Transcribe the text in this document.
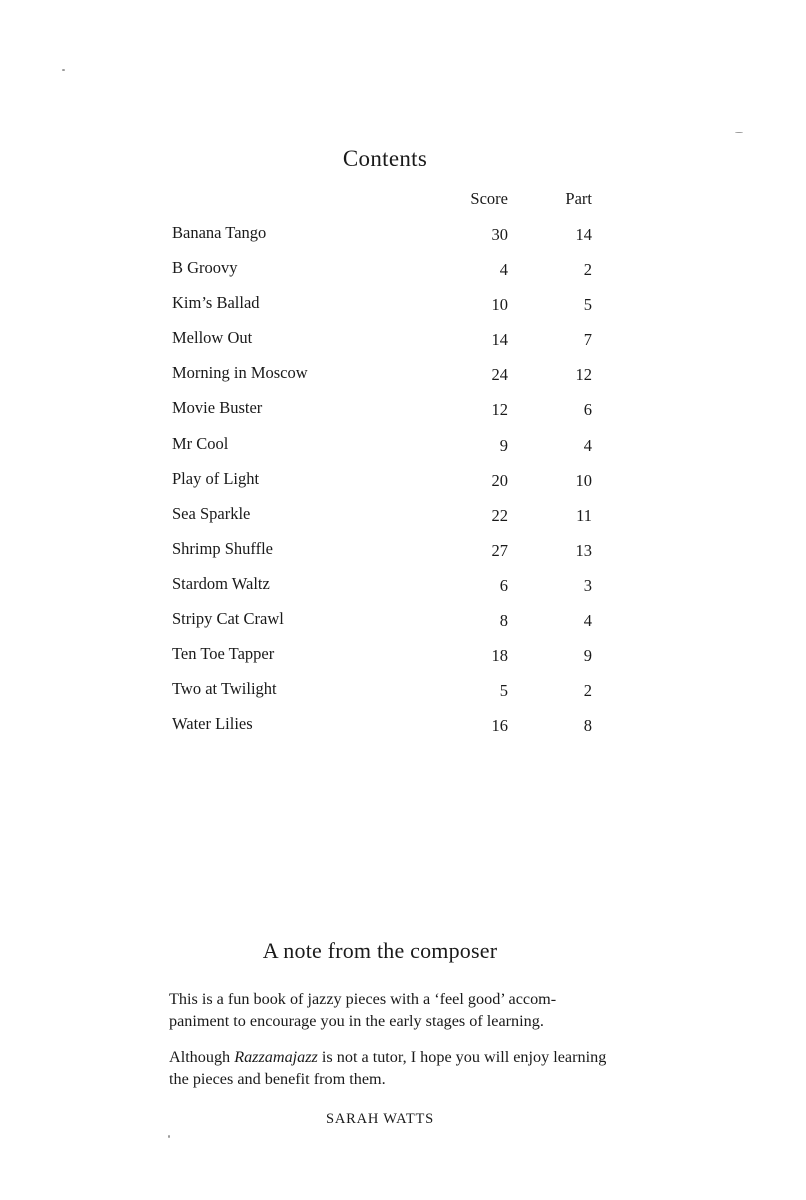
Contents
Score	Part
Banana Tango	30	14
B Groovy	4	2
Kim’s Ballad	10	5
Mellow Out	14	7
Morning in Moscow	24	12
Movie Buster	12	6
Mr Cool	9	4
Play of Light	20	10
Sea Sparkle	22	11
Shrimp Shuffle	27	13
Stardom Waltz	6	3
Stripy Cat Crawl	8	4
Ten Toe Tapper	18	9
Two at Twilight	5	2
Water Lilies	16	8
A note from the composer

This is a fun book of jazzy pieces with a ‘feel good’ accom-
paniment to encourage you in the early stages of learning.

Although Razzamajazz is not a tutor, I hope you will enjoy learning the pieces and benefit from them.

SARAH WATTS
